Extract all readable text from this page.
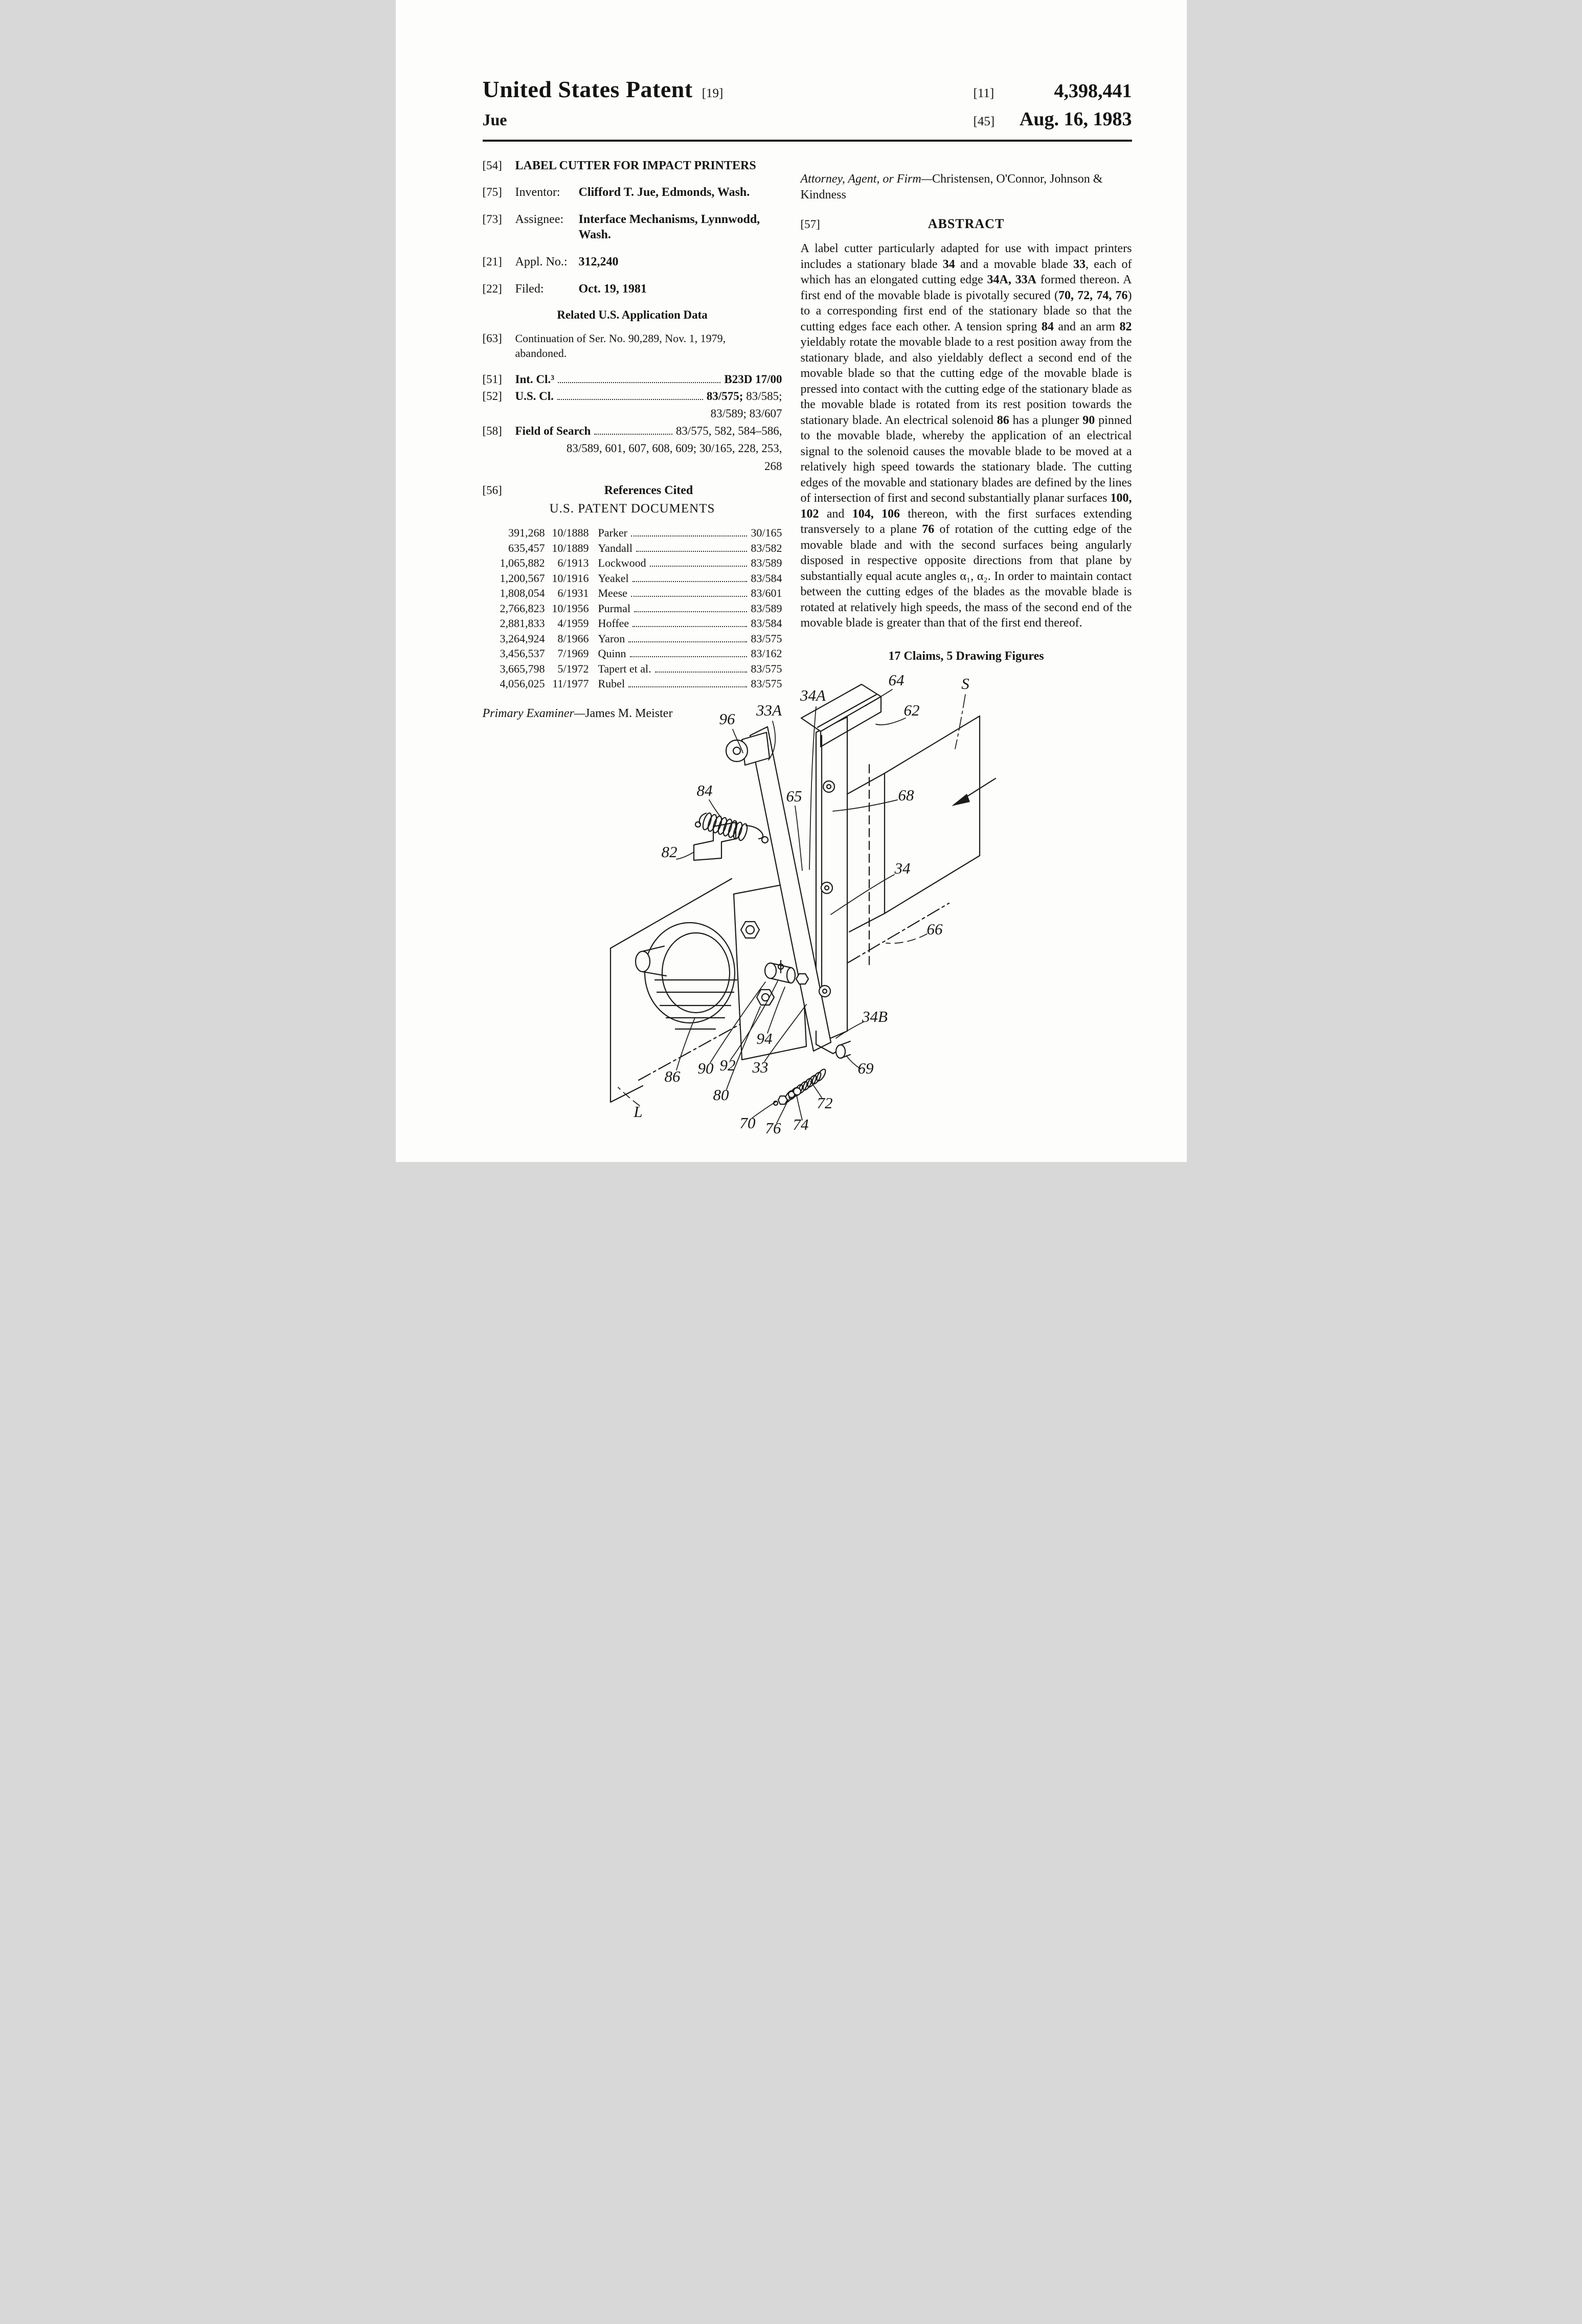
United States Patent [19]	[11]	4,398,441
Jue	[45] Aug. 16, 1983
[54]	LABEL CUTTER FOR IMPACT PRINTERS
[75]	Inventor:	Clifford T. Jue, Edmonds, Wash.
[73]	Assignee:	Interface Mechanisms, Lynnwodd, Wash.
[21]	Appl. No.: 312,240
[22]	Filed:	Oct. 19, 1981
Related U.S. Application Data
[63]	Continuation of Ser. No. 90,289, Nov. 1, 1979, abandoned.
[51]	Int. Cl.³	B23D 17/00
[52]	U.S. Cl.	83/575; 83/585;
83/589; 83/607
[58]	Field of Search	83/575, 582, 584–586,
83/589, 601, 607, 608, 609; 30/165, 228, 253,
268
[56]	References Cited
U.S. PATENT DOCUMENTS
391,268 10/1888 Parker	30/165
635,457 10/1889 Yandall	83/582
1,065,882	6/1913 Lockwood	83/589
1,200,567 10/1916 Yeakel	83/584
1,808,054	6/1931 Meese	83/601
2,766,823 10/1956 Purmal	83/589
2,881,833	4/1959 Hoffee	83/584
3,264,924	8/1966 Yaron	83/575
3,456,537	7/1969 Quinn	83/162
3,665,798	5/1972 Tapert et al.	83/575
4,056,025 11/1977 Rubel	83/575

Primary Examiner—James M. Meister

Attorney, Agent, or Firm—Christensen, O'Connor, Johnson & Kindness

[57]	ABSTRACT

A label cutter particularly adapted for use with impact printers includes a stationary blade 34 and a movable blade 33, each of which has an elongated cutting edge 34A, 33A formed thereon. A first end of the movable blade is pivotally secured (70, 72, 74, 76) to a corresponding first end of the stationary blade so that the cutting edges face each other. A tension spring 84 and an arm 82 yieldably rotate the movable blade to a rest position away from the stationary blade, and also yieldably deflect a second end of the movable blade so that the cutting edge of the movable blade is pressed into contact with the cutting edge of the stationary blade as the movable blade is rotated from its rest position towards the stationary blade. An electrical solenoid 86 has a plunger 90 pinned to the movable blade, whereby the application of an electrical signal to the solenoid causes the movable blade to be moved at a relatively high speed towards the stationary blade. The cutting edges of the movable and stationary blades are defined by the lines of intersection of first and second substantially planar surfaces 100, 102 and 104, 106 thereon, with the first surfaces extending transversely to a plane 76 of rotation of the cutting edge of the movable blade and with the second surfaces being angularly disposed in respective opposite directions from that plane by substantially equal acute angles α₁, α₂. In order to maintain contact between the cutting edges of the blades as the movable blade is rotated at relatively high speeds, the mass of the second end of the movable blade is greater than that of the first end thereof.

17 Claims, 5 Drawing Figures
64	S
34A
62
33A
96
84	65	68
82
34
66
86 90 92
94
33
80
34B
69
72
70 76 74
L
